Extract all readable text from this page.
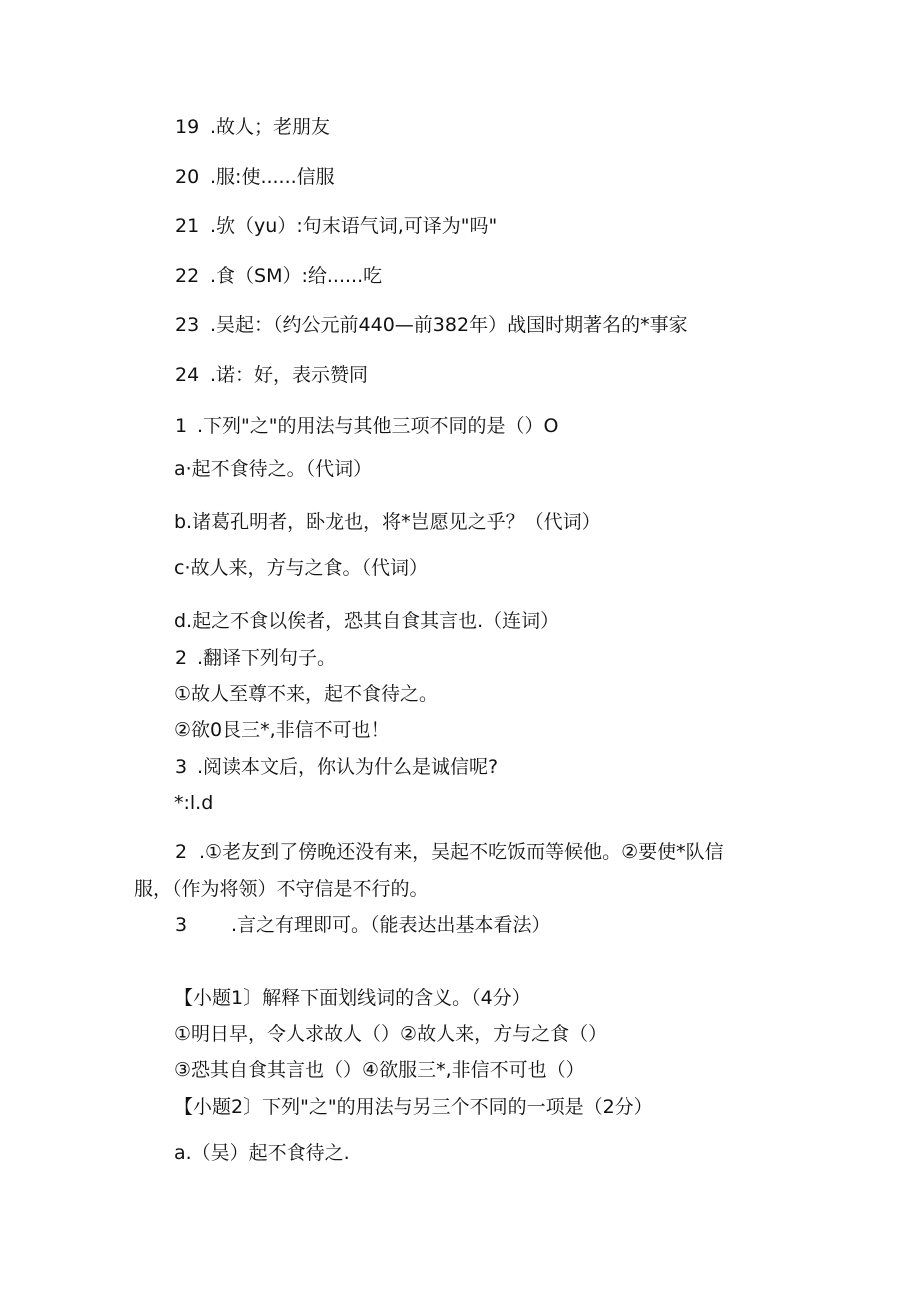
19 .故人；老朋友
20 .服:使......信服
21 .欤（yu）:句末语气词,可译为"吗"
22 .食（SM）:给......吃
23 .吴起：（约公元前440—前382年）战国时期著名的*事家
24 .诺：好，表示赞同
1 .下列"之"的用法与其他三项不同的是（）O
a·起不食待之。（代词）
b.诸葛孔明者，卧龙也，将*岂愿见之乎？（代词）
c·故人来，方与之食。（代词）
d.起之不食以俟者，恐其自食其言也.（连词）
2 .翻译下列句子。
①故人至尊不来，起不食待之。
②欲0艮三*,非信不可也！
3 .阅读本文后，你认为什么是诚信呢?
*:l.d
2 .①老友到了傍晚还没有来，吴起不吃饭而等候他。②要使*队信
服，（作为将领）不守信是不行的。
3 .言之有理即可。（能表达出基本看法）
【小题1〕解释下面划线词的含义。（4分）
①明日早，令人求故人（）②故人来，方与之食（）
③恐其自食其言也（）④欲服三*,非信不可也（）
【小题2〕下列"之"的用法与另三个不同的一项是（2分）
a.（吴）起不食待之.
